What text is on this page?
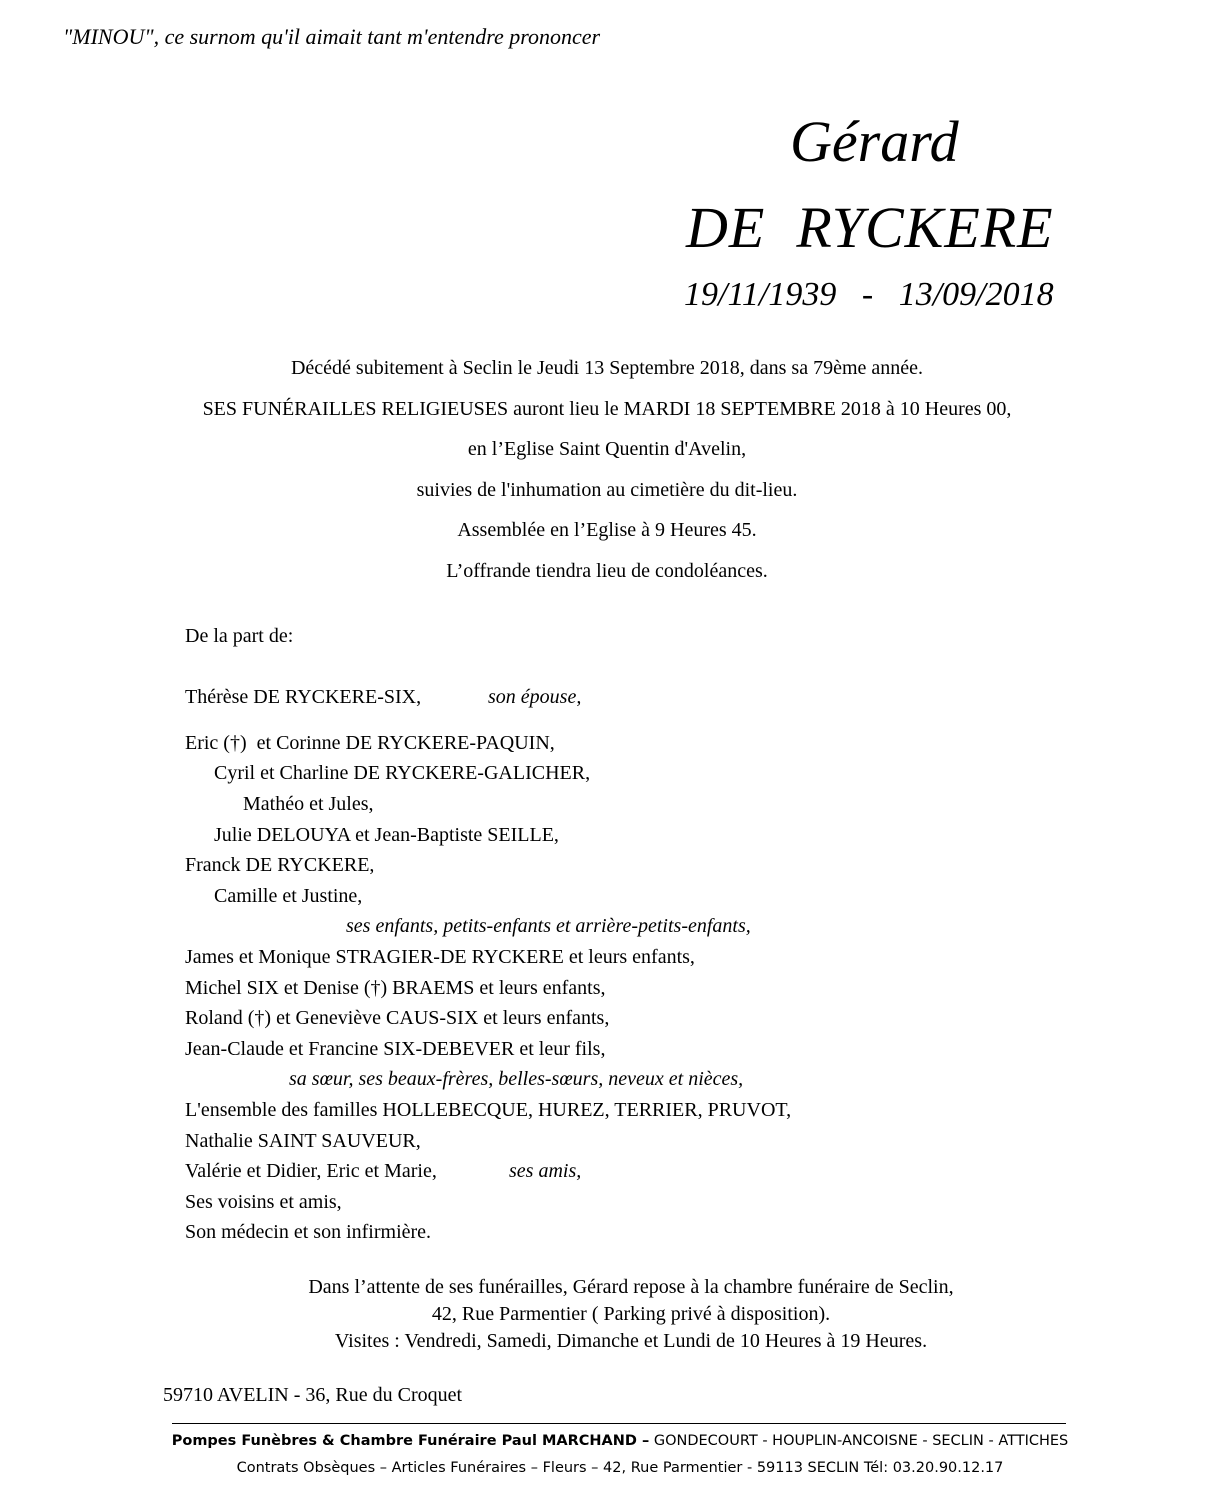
"MINOU", ce surnom qu'il aimait tant m'entendre prononcer
Gérard
DE  RYCKERE
19/11/1939   -   13/09/2018
Décédé subitement à Seclin le Jeudi 13 Septembre 2018, dans sa 79ème année.
SES FUNÉRAILLES RELIGIEUSES auront lieu le MARDI 18 SEPTEMBRE 2018 à 10 Heures 00,
en l’Eglise Saint Quentin d'Avelin,
suivies de l'inhumation au cimetière du dit-lieu.
Assemblée en l’Eglise à 9 Heures 45.
L’offrande tiendra lieu de condoléances.
De la part de:
Thérèse DE RYCKERE-SIX,	son épouse,
Eric (†)  et Corinne DE RYCKERE-PAQUIN,
Cyril et Charline DE RYCKERE-GALICHER,
Mathéo et Jules,
Julie DELOUYA et Jean-Baptiste SEILLE,
Franck DE RYCKERE,
Camille et Justine,
ses enfants, petits-enfants et arrière-petits-enfants,
James et Monique STRAGIER-DE RYCKERE et leurs enfants,
Michel SIX et Denise (†) BRAEMS et leurs enfants,
Roland (†) et Geneviève CAUS-SIX et leurs enfants,
Jean-Claude et Francine SIX-DEBEVER et leur fils,
sa sœur, ses beaux-frères, belles-sœurs, neveux et nièces,
L'ensemble des familles HOLLEBECQUE, HUREZ, TERRIER, PRUVOT,
Nathalie SAINT SAUVEUR,
Valérie et Didier, Eric et Marie,	ses amis,
Ses voisins et amis,
Son médecin et son infirmière.
Dans l’attente de ses funérailles, Gérard repose à la chambre funéraire de Seclin,
42, Rue Parmentier ( Parking privé à disposition).
Visites : Vendredi, Samedi, Dimanche et Lundi de 10 Heures à 19 Heures.
59710 AVELIN - 36, Rue du Croquet
Pompes Funèbres & Chambre Funéraire Paul MARCHAND – GONDECOURT - HOUPLIN-ANCOISNE - SECLIN - ATTICHES
Contrats Obsèques – Articles Funéraires – Fleurs – 42, Rue Parmentier - 59113 SECLIN Tél: 03.20.90.12.17
